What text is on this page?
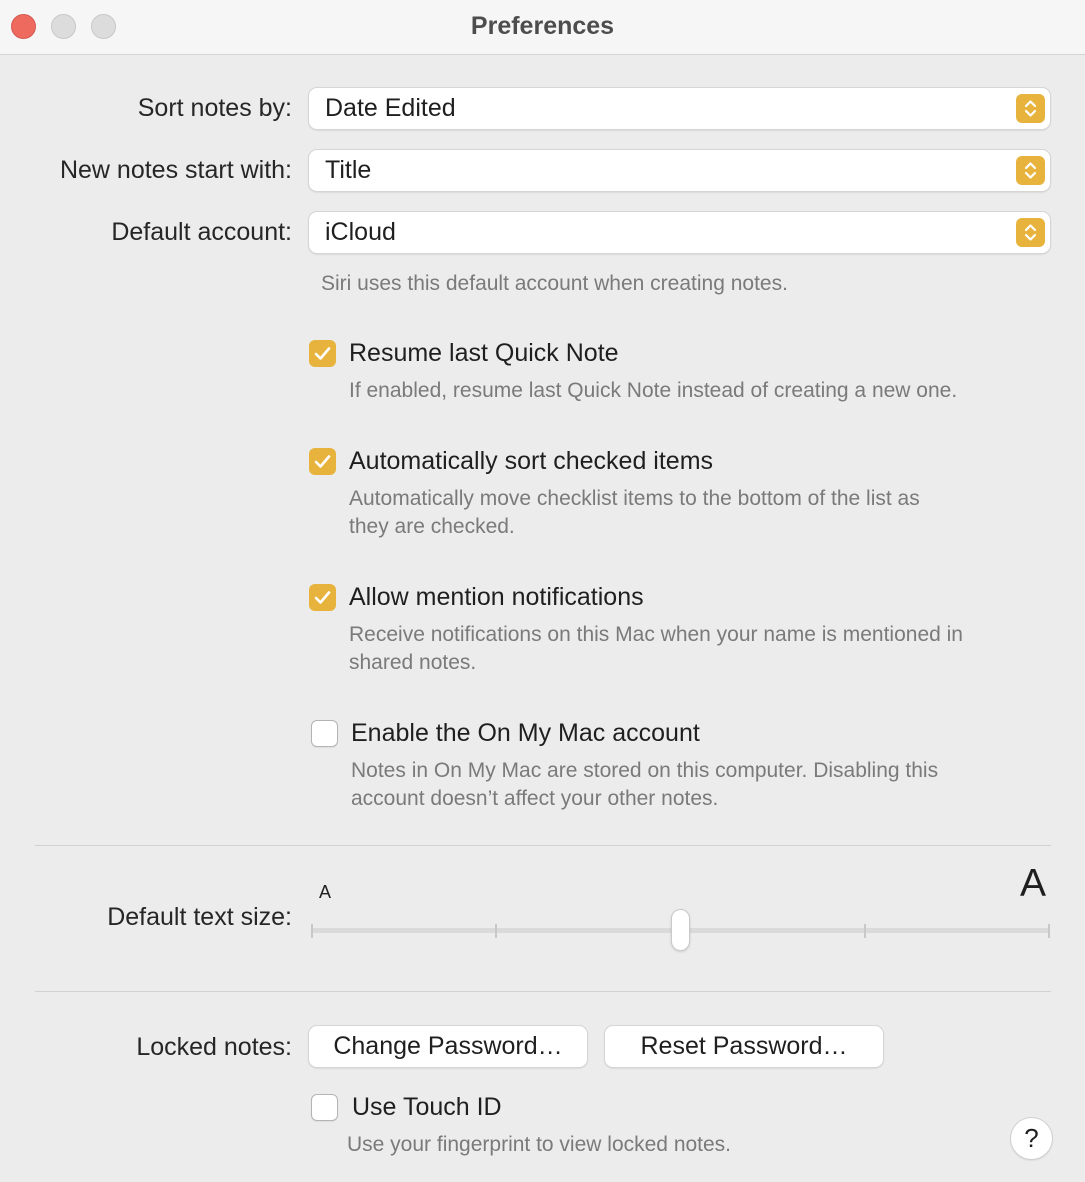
Preferences
Sort notes by: Date Edited
New notes start with: Title
Default account: iCloud
Siri uses this default account when creating notes.
Resume last Quick Note
If enabled, resume last Quick Note instead of creating a new one.
Automatically sort checked items
Automatically move checklist items to the bottom of the list as
they are checked.
Allow mention notifications
Receive notifications on this Mac when your name is mentioned in
shared notes.
Enable the On My Mac account
Notes in On My Mac are stored on this computer. Disabling this
account doesn’t affect your other notes.
Default text size:
A	A
Locked notes:	Change Password…	Reset Password…
Use Touch ID
Use your fingerprint to view locked notes.	?
